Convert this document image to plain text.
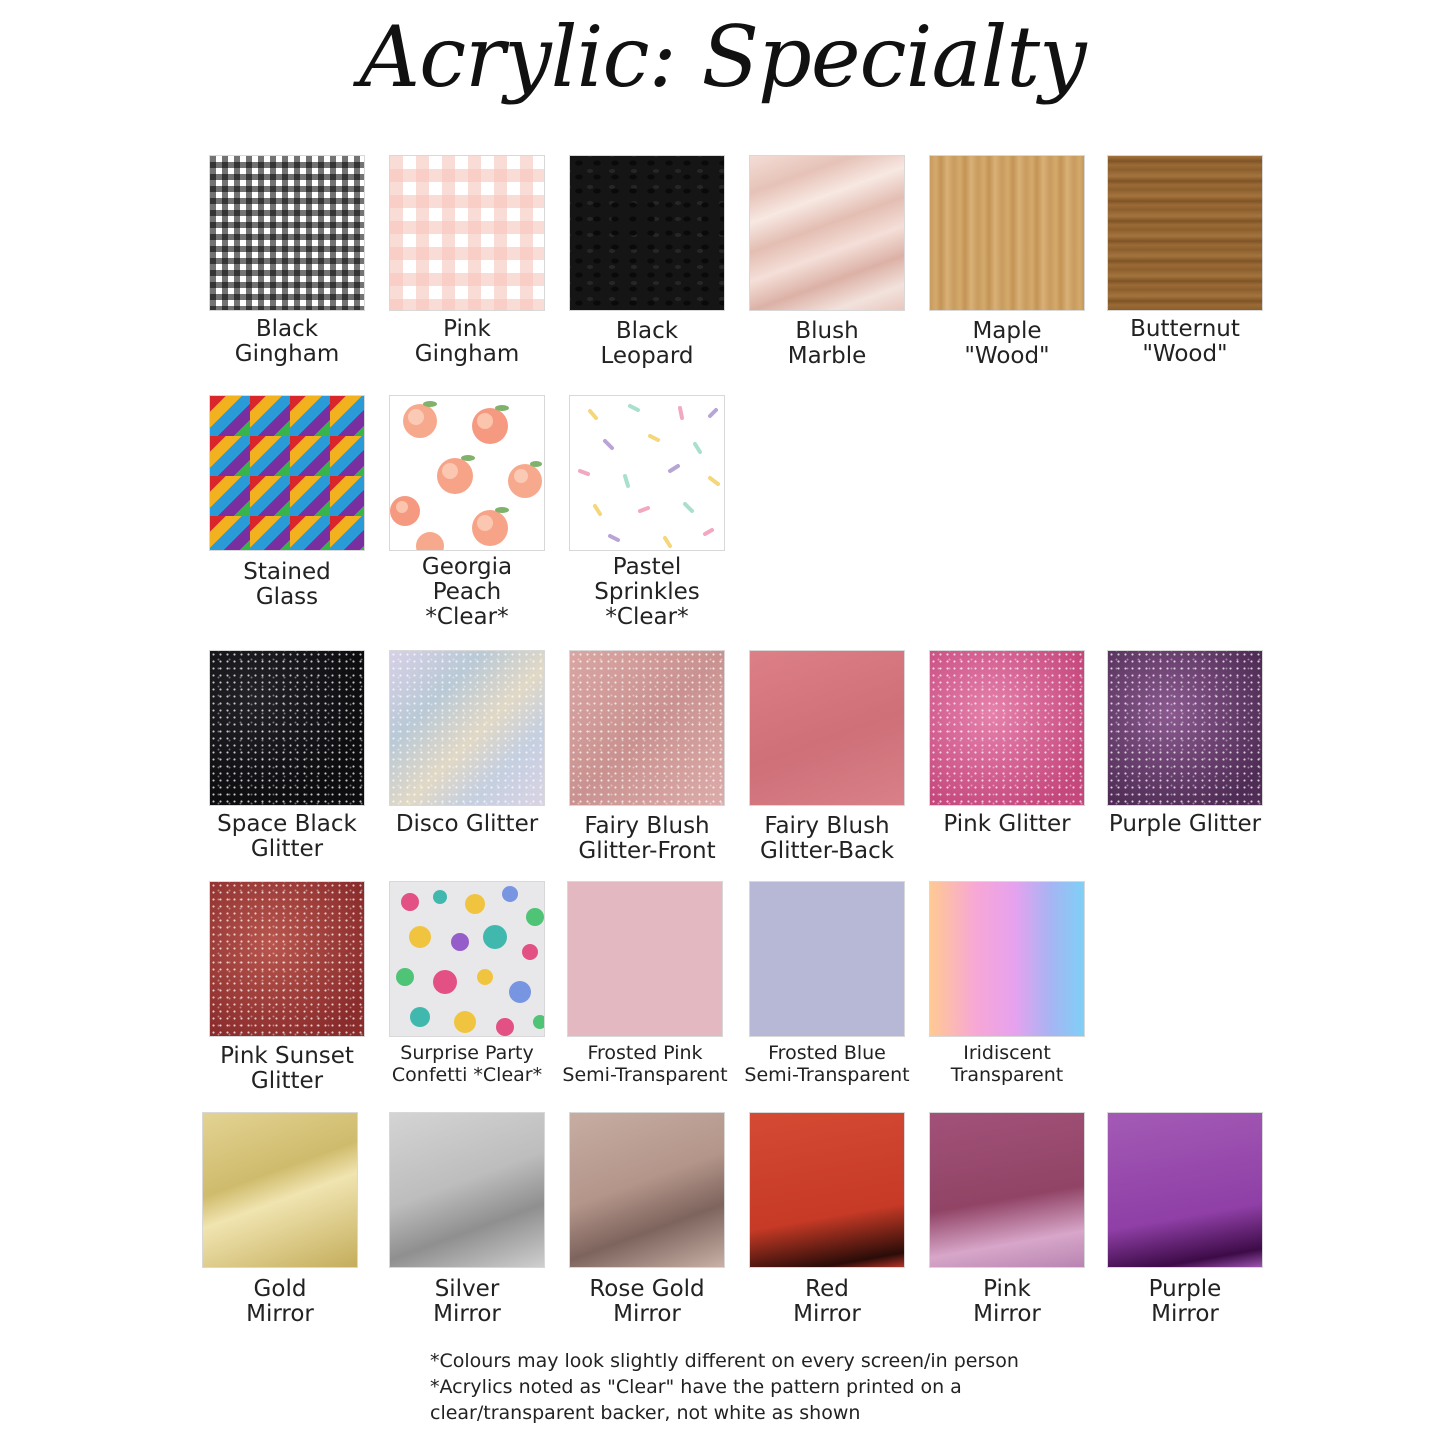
Acrylic: Specialty
Black
Gingham
Pink
Gingham
Black
Leopard
Blush
Marble
Maple
"Wood"
Butternut
"Wood"
Stained
Glass
Georgia
Peach
*Clear*
Pastel
Sprinkles
*Clear*
Space Black
Glitter
Disco Glitter	Fairy Blush
Glitter-Front
Fairy Blush
Glitter-Back
Pink Glitter	Purple Glitter
Pink Sunset
Glitter
Surprise Party
Confetti *Clear*
Frosted Pink
Semi-Transparent
Frosted Blue
Semi-Transparent
Iridiscent
Transparent
Gold
Mirror
Silver
Mirror
Rose Gold
Mirror
Red
Mirror
Pink
Mirror
Purple
Mirror
*Colours may look slightly different on every screen/in person
*Acrylics noted as "Clear" have the pattern printed on a
clear/transparent backer, not white as shown
